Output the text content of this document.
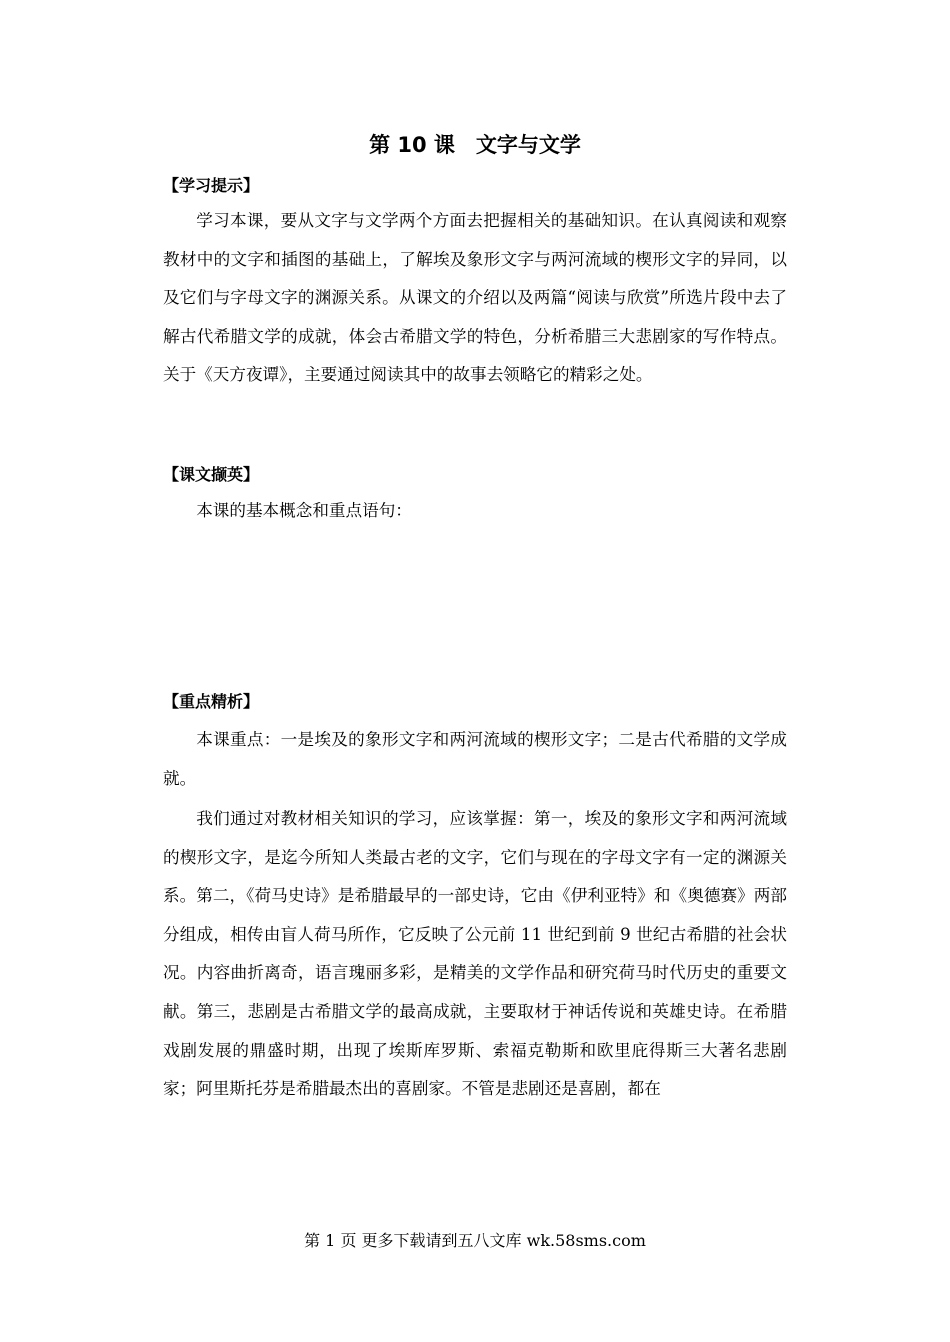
第 10 课　文字与文学
【学习提示】

学习本课，要从文字与文学两个方面去把握相关的基础知识。在认真阅读和观察教材中的文字和插图的基础上，了解埃及象形文字与两河流域的楔形文字的异同，以及它们与字母文字的渊源关系。从课文的介绍以及两篇“阅读与欣赏”所选片段中去了解古代希腊文学的成就，体会古希腊文学的特色，分析希腊三大悲剧家的写作特点。关于《天方夜谭》，主要通过阅读其中的故事去领略它的精彩之处。

【课文撷英】

本课的基本概念和重点语句：

【重点精析】

本课重点：一是埃及的象形文字和两河流域的楔形文字；二是古代希腊的文学成就。

我们通过对教材相关知识的学习，应该掌握：第一，埃及的象形文字和两河流域的楔形文字，是迄今所知人类最古老的文字，它们与现在的字母文字有一定的渊源关系。第二，《荷马史诗》是希腊最早的一部史诗，它由《伊利亚特》和《奥德赛》两部分组成，相传由盲人荷马所作，它反映了公元前 11 世纪到前 9 世纪古希腊的社会状况。内容曲折离奇，语言瑰丽多彩，是精美的文学作品和研究荷马时代历史的重要文献。第三，悲剧是古希腊文学的最高成就，主要取材于神话传说和英雄史诗。在希腊戏剧发展的鼎盛时期，出现了埃斯库罗斯、索福克勒斯和欧里庇得斯三大著名悲剧家；阿里斯托芬是希腊最杰出的喜剧家。不管是悲剧还是喜剧，都在

第 1 页 更多下载请到五八文库 wk.58sms.com
